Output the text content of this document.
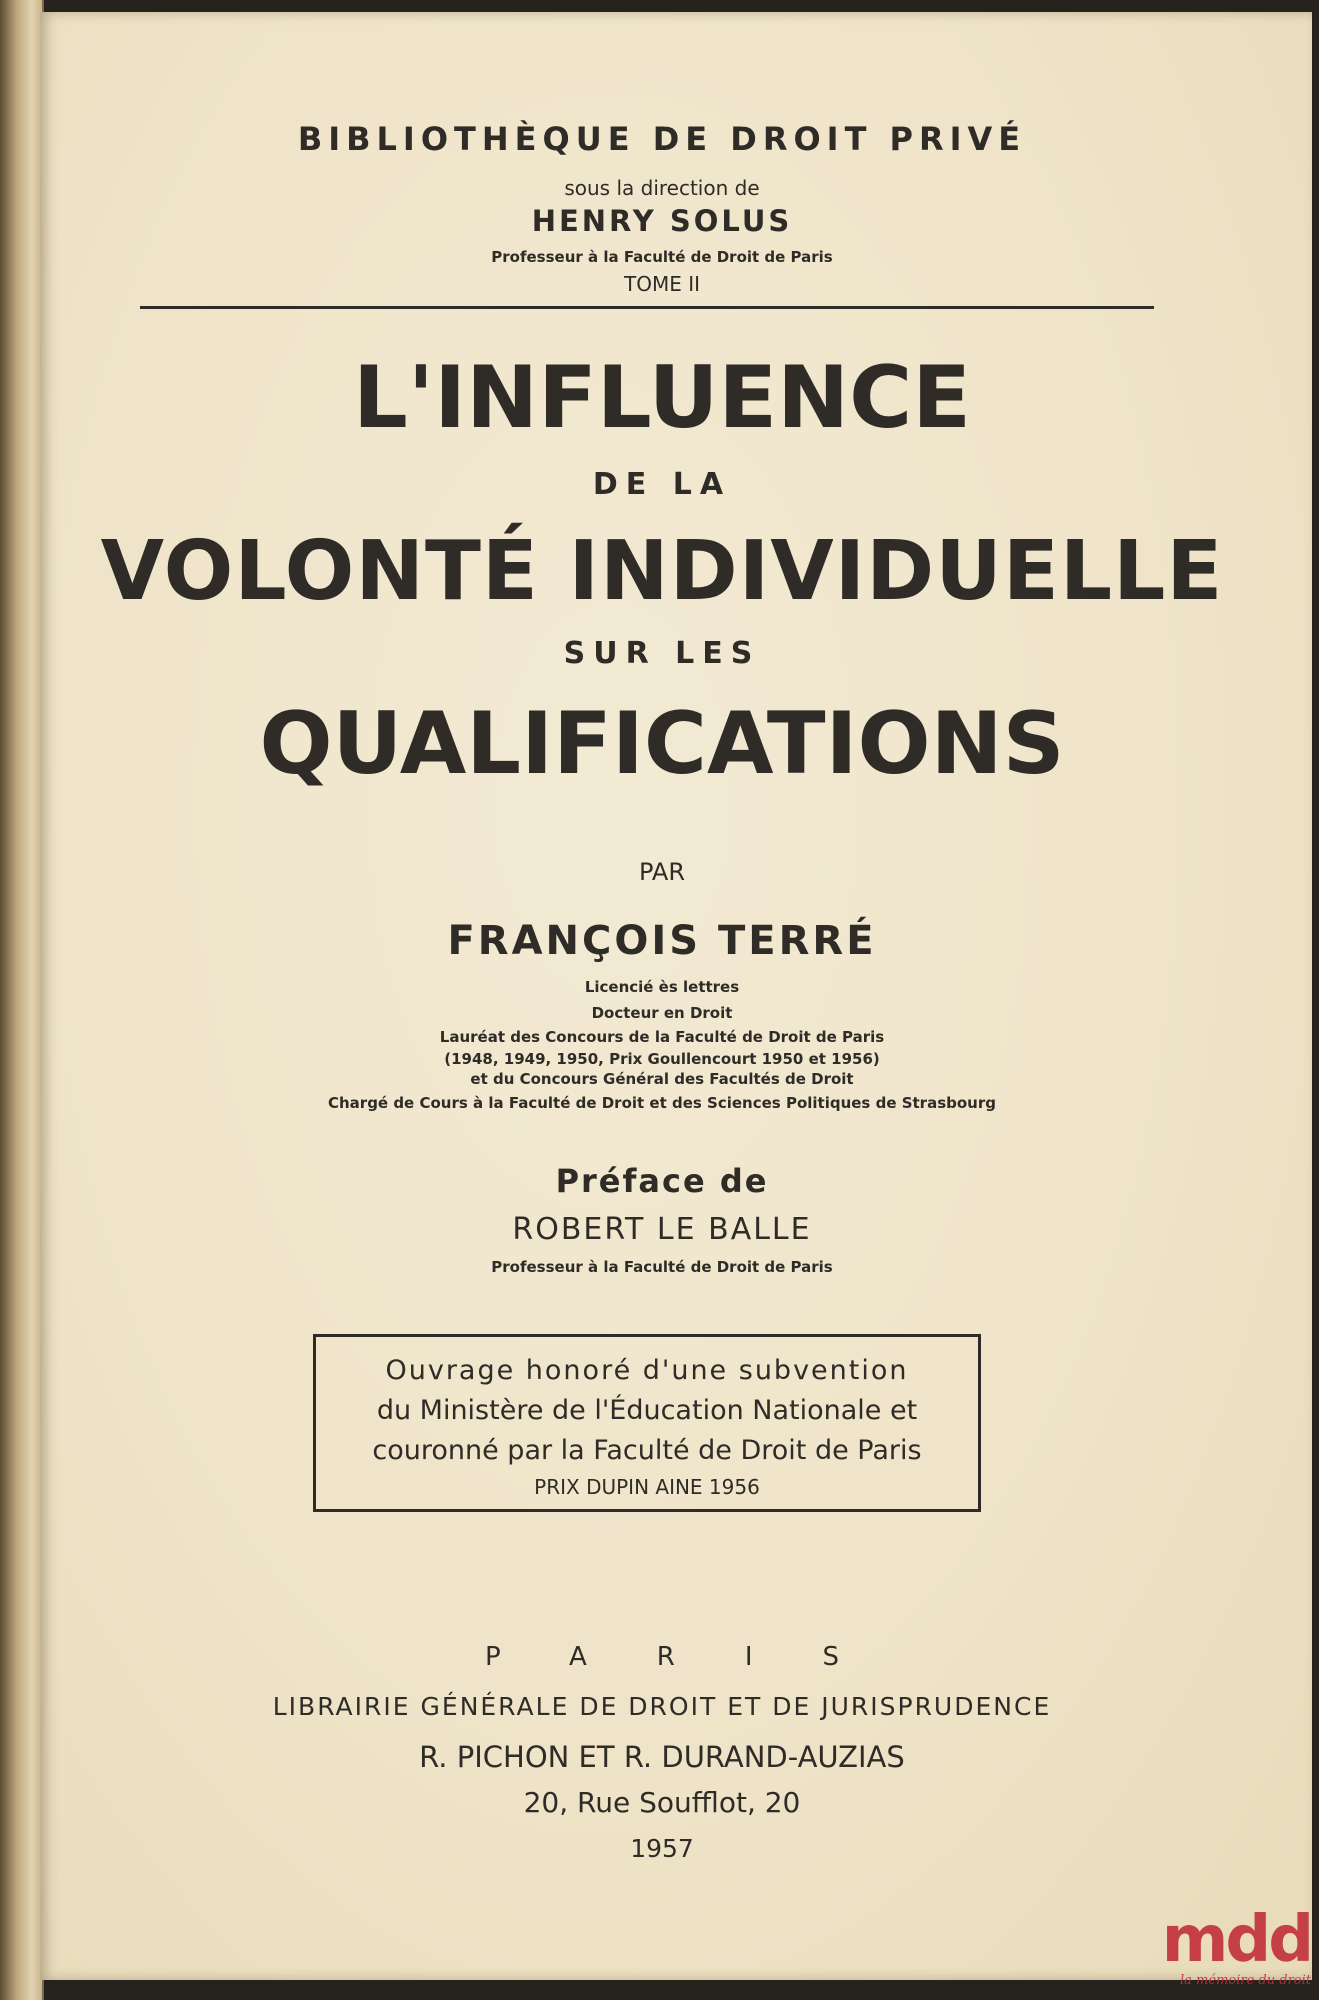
BIBLIOTHÈQUE DE DROIT PRIVÉ
sous la direction de
HENRY SOLUS
Professeur à la Faculté de Droit de Paris
TOME II
L'INFLUENCE
DE LA
VOLONTÉ INDIVIDUELLE
SUR LES
QUALIFICATIONS
PAR
FRANÇOIS TERRÉ
Licencié ès lettres
Docteur en Droit
Lauréat des Concours de la Faculté de Droit de Paris
(1948, 1949, 1950, Prix Goullencourt 1950 et 1956)
et du Concours Général des Facultés de Droit
Chargé de Cours à la Faculté de Droit et des Sciences Politiques de Strasbourg
Préface de
ROBERT LE BALLE
Professeur à la Faculté de Droit de Paris
Ouvrage honoré d'une subvention
du Ministère de l'Éducation Nationale et
couronné par la Faculté de Droit de Paris
PRIX DUPIN AINE 1956
PARIS
LIBRAIRIE GÉNÉRALE DE DROIT ET DE JURISPRUDENCE
R. PICHON ET R. DURAND-AUZIAS
20, Rue Soufflot, 20
1957
mdd
la mémoire du droit
